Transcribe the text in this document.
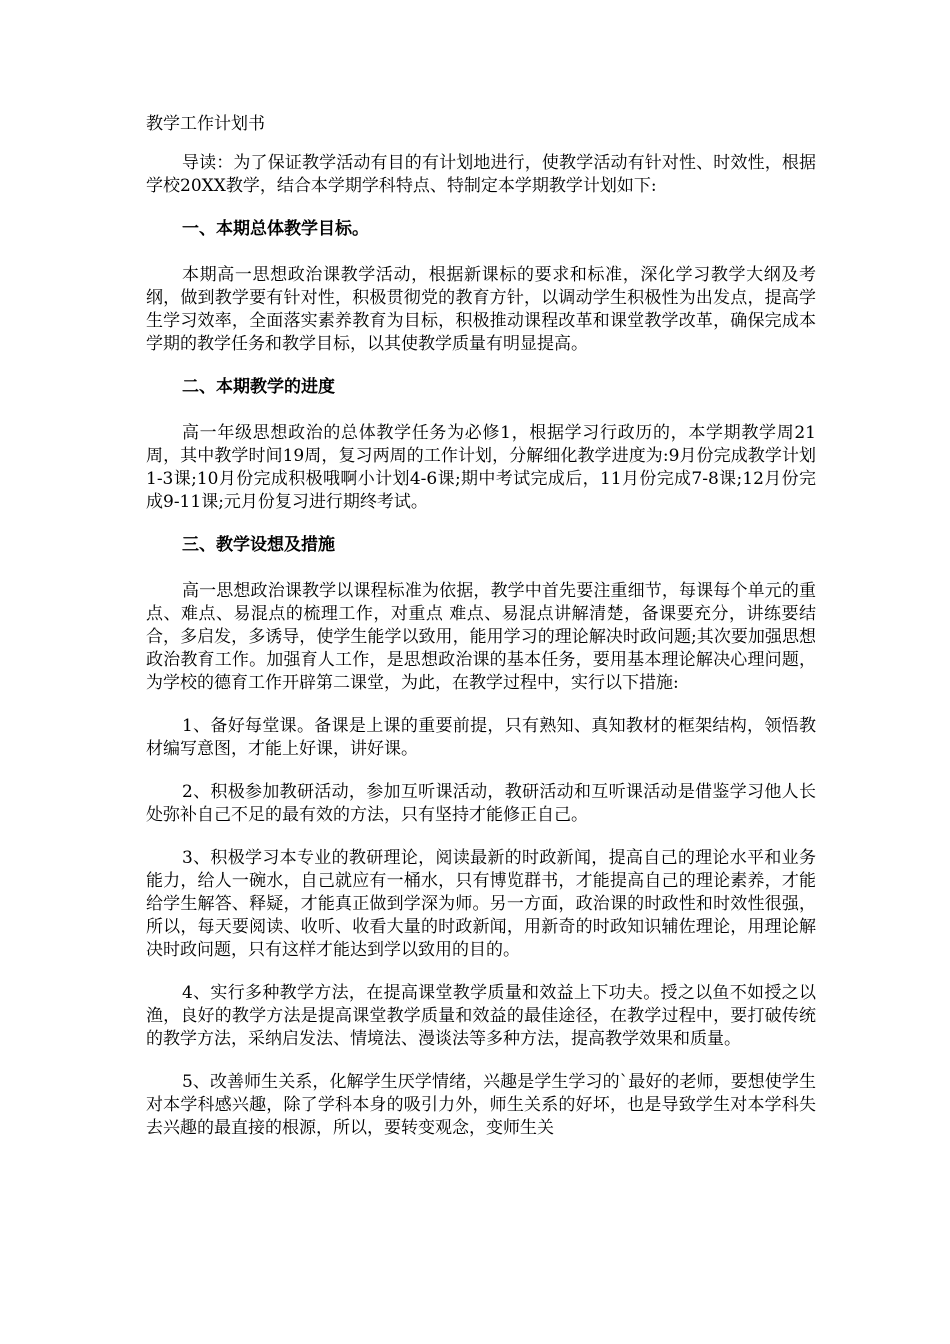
教学工作计划书

导读：为了保证教学活动有目的有计划地进行，使教学活动有针对性、时效性，根据学校20XX教学，结合本学期学科特点、特制定本学期教学计划如下:

一、本期总体教学目标。

本期高一思想政治课教学活动，根据新课标的要求和标准，深化学习教学大纲及考纲，做到教学要有针对性，积极贯彻党的教育方针，以调动学生积极性为出发点，提高学生学习效率，全面落实素养教育为目标，积极推动课程改革和课堂教学改革，确保完成本学期的教学任务和教学目标，以其使教学质量有明显提高。

二、本期教学的进度

高一年级思想政治的总体教学任务为必修1，根据学习行政历的，本学期教学周21周，其中教学时间19周，复习两周的工作计划，分解细化教学进度为:9月份完成教学计划1-3课;10月份完成积极哦啊小计划4-6课;期中考试完成后，11月份完成7-8课;12月份完成9-11课;元月份复习进行期终考试。

三、教学设想及措施

高一思想政治课教学以课程标准为依据，教学中首先要注重细节，每课每个单元的重点、难点、易混点的梳理工作，对重点 难点、易混点讲解清楚，备课要充分，讲练要结合，多启发，多诱导，使学生能学以致用，能用学习的理论解决时政问题;其次要加强思想政治教育工作。加强育人工作，是思想政治课的基本任务，要用基本理论解决心理问题，为学校的德育工作开辟第二课堂，为此，在教学过程中，实行以下措施:

1、备好每堂课。备课是上课的重要前提，只有熟知、真知教材的框架结构，领悟教材编写意图，才能上好课，讲好课。

2、积极参加教研活动，参加互听课活动，教研活动和互听课活动是借鉴学习他人长处弥补自己不足的最有效的方法，只有坚持才能修正自己。

3、积极学习本专业的教研理论，阅读最新的时政新闻，提高自己的理论水平和业务能力，给人一碗水，自己就应有一桶水，只有博览群书，才能提高自己的理论素养，才能给学生解答、释疑，才能真正做到学深为师。另一方面，政治课的时政性和时效性很强，所以，每天要阅读、收听、收看大量的时政新闻，用新奇的时政知识辅佐理论，用理论解决时政问题，只有这样才能达到学以致用的目的。

4、实行多种教学方法，在提高课堂教学质量和效益上下功夫。授之以鱼不如授之以渔，良好的教学方法是提高课堂教学质量和效益的最佳途径，在教学过程中，要打破传统的教学方法，采纳启发法、情境法、漫谈法等多种方法，提高教学效果和质量。

5、改善师生关系，化解学生厌学情绪，兴趣是学生学习的`最好的老师，要想使学生对本学科感兴趣，除了学科本身的吸引力外，师生关系的好坏，也是导致学生对本学科失去兴趣的最直接的根源，所以，要转变观念，变师生关
